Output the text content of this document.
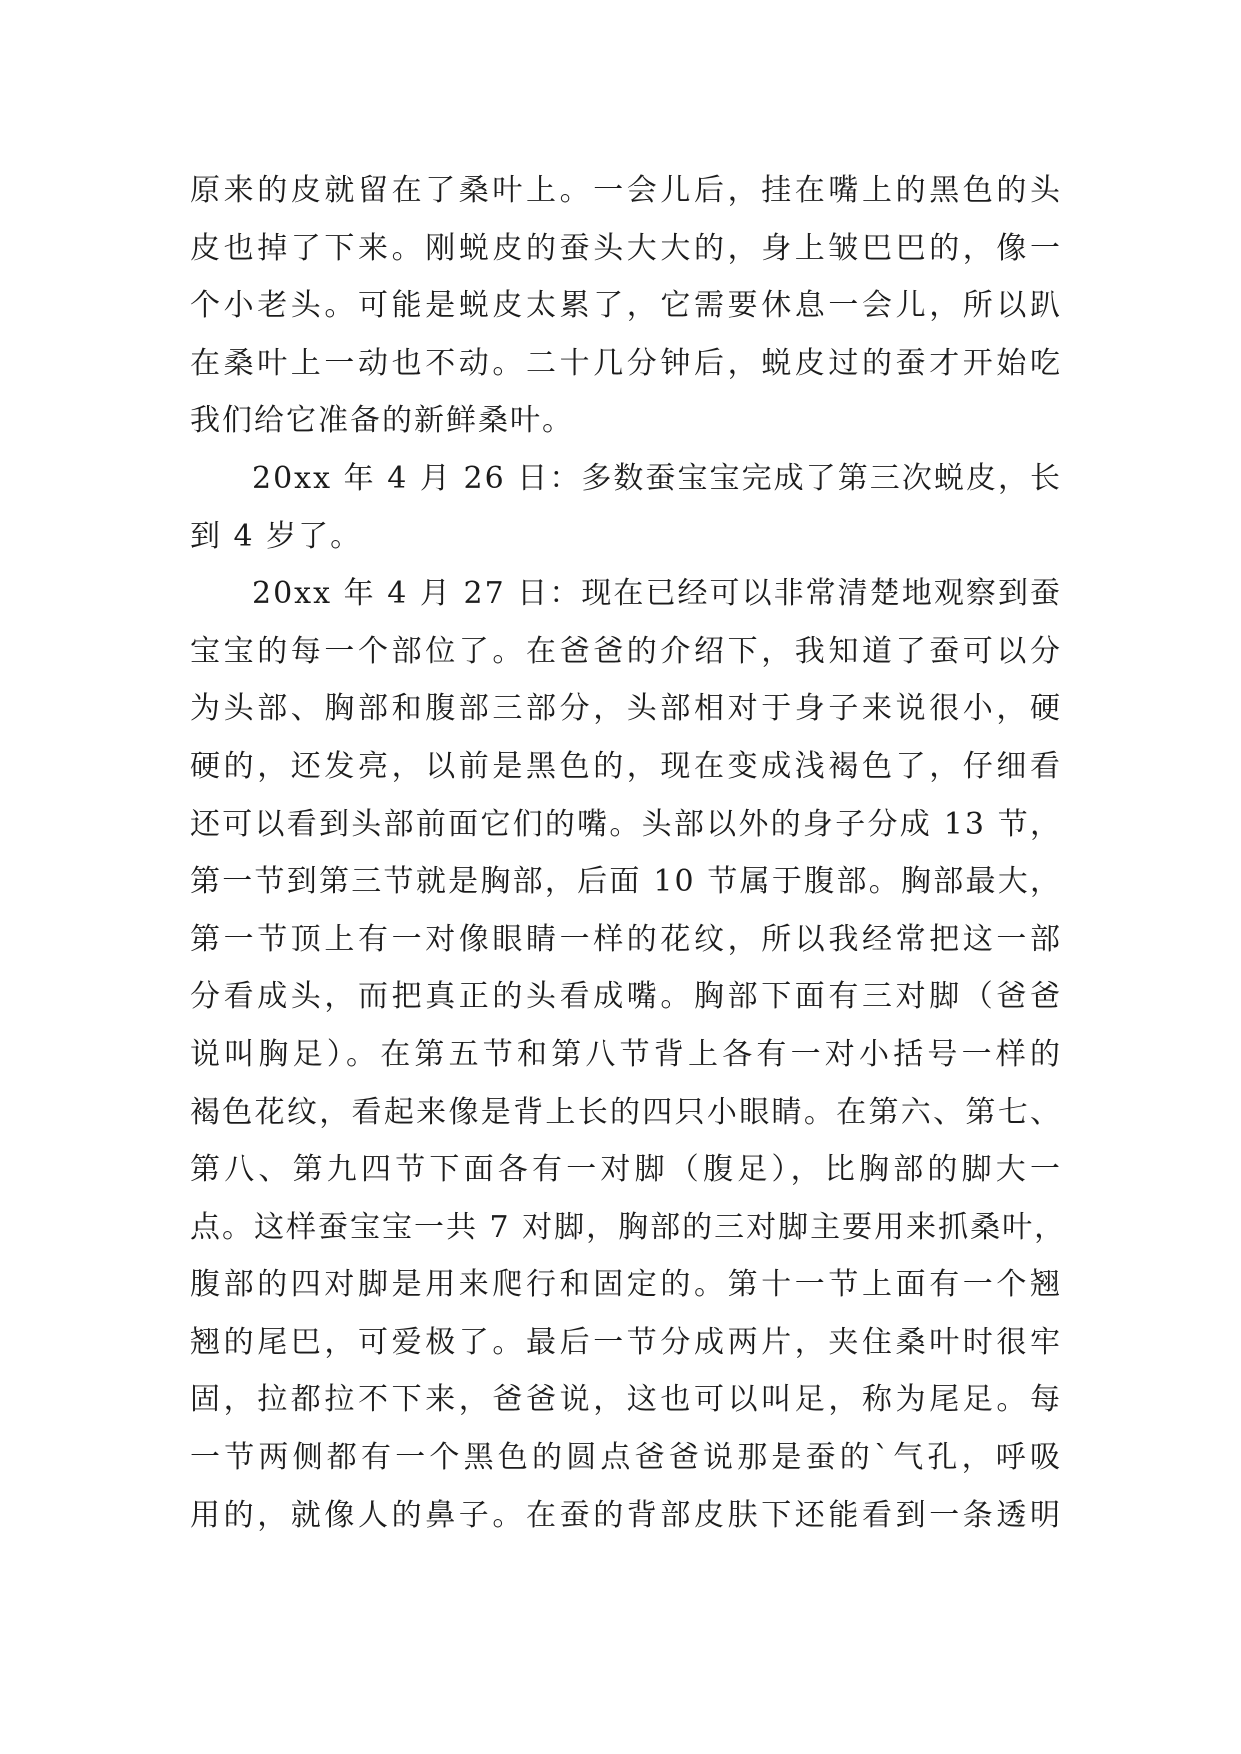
原来的皮就留在了桑叶上。一会儿后，挂在嘴上的黑色的头
皮也掉了下来。刚蜕皮的蚕头大大的，身上皱巴巴的，像一
个小老头。可能是蜕皮太累了，它需要休息一会儿，所以趴
在桑叶上一动也不动。二十几分钟后，蜕皮过的蚕才开始吃
我们给它准备的新鲜桑叶。
20xx 年 4 月 26 日：多数蚕宝宝完成了第三次蜕皮，长
到 4 岁了。
20xx 年 4 月 27 日：现在已经可以非常清楚地观察到蚕
宝宝的每一个部位了。在爸爸的介绍下，我知道了蚕可以分
为头部、胸部和腹部三部分，头部相对于身子来说很小，硬
硬的，还发亮，以前是黑色的，现在变成浅褐色了，仔细看
还可以看到头部前面它们的嘴。头部以外的身子分成 13 节，
第一节到第三节就是胸部，后面 10 节属于腹部。胸部最大，
第一节顶上有一对像眼睛一样的花纹，所以我经常把这一部
分看成头，而把真正的头看成嘴。胸部下面有三对脚（爸爸
说叫胸足）。在第五节和第八节背上各有一对小括号一样的
褐色花纹，看起来像是背上长的四只小眼睛。在第六、第七、
第八、第九四节下面各有一对脚（腹足），比胸部的脚大一
点。这样蚕宝宝一共 7 对脚，胸部的三对脚主要用来抓桑叶，
腹部的四对脚是用来爬行和固定的。第十一节上面有一个翘
翘的尾巴，可爱极了。最后一节分成两片，夹住桑叶时很牢
固，拉都拉不下来，爸爸说，这也可以叫足，称为尾足。每
一节两侧都有一个黑色的圆点爸爸说那是蚕的`气孔，呼吸
用的，就像人的鼻子。在蚕的背部皮肤下还能看到一条透明
